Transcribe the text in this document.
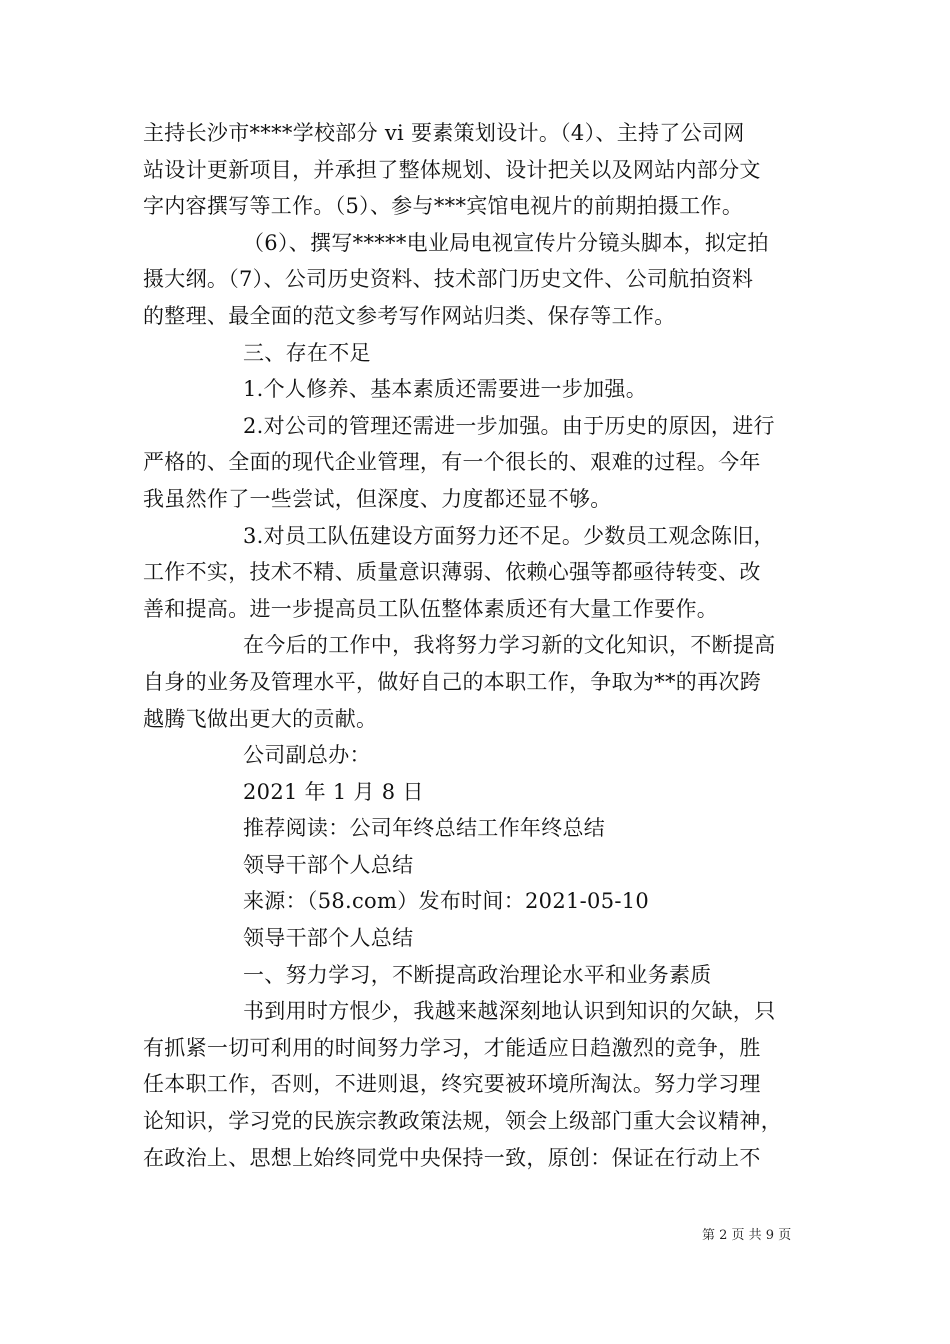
主持长沙市****学校部分 vi 要素策划设计。（4）、主持了公司网
站设计更新项目，并承担了整体规划、设计把关以及网站内部分文
字内容撰写等工作。（5）、参与***宾馆电视片的前期拍摄工作。
（6）、撰写*****电业局电视宣传片分镜头脚本，拟定拍
摄大纲。（7）、公司历史资料、技术部门历史文件、公司航拍资料
的整理、最全面的范文参考写作网站归类、保存等工作。
三、存在不足
1.个人修养、基本素质还需要进一步加强。
2.对公司的管理还需进一步加强。由于历史的原因，进行
严格的、全面的现代企业管理，有一个很长的、艰难的过程。今年
我虽然作了一些尝试，但深度、力度都还显不够。
3.对员工队伍建设方面努力还不足。少数员工观念陈旧，
工作不实，技术不精、质量意识薄弱、依赖心强等都亟待转变、改
善和提高。进一步提高员工队伍整体素质还有大量工作要作。
在今后的工作中，我将努力学习新的文化知识，不断提高
自身的业务及管理水平，做好自己的本职工作，争取为**的再次跨
越腾飞做出更大的贡献。
公司副总办：
2021 年 1 月 8 日
推荐阅读：公司年终总结工作年终总结
领导干部个人总结
来源：（58.com）发布时间：2021-05-10
领导干部个人总结
一、努力学习，不断提高政治理论水平和业务素质
书到用时方恨少，我越来越深刻地认识到知识的欠缺，只
有抓紧一切可利用的时间努力学习，才能适应日趋激烈的竞争，胜
任本职工作，否则，不进则退，终究要被环境所淘汰。努力学习理
论知识，学习党的民族宗教政策法规，领会上级部门重大会议精神，
在政治上、思想上始终同党中央保持一致，原创：保证在行动上不
第 2 页 共 9 页
